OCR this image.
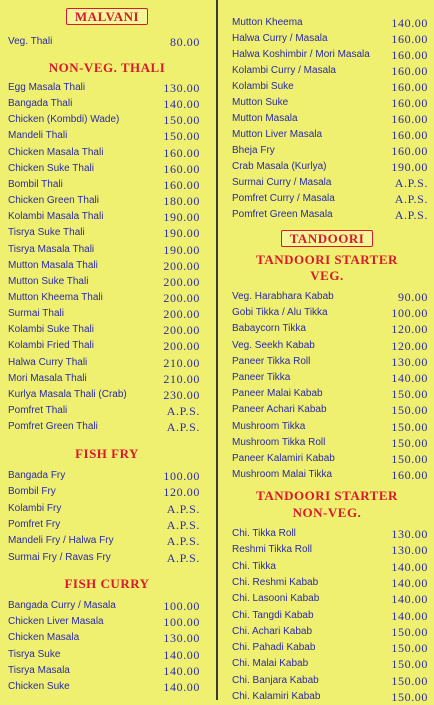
MALVANI
Veg. Thali	80.00
NON-VEG. THALI
Egg Masala Thali	130.00
Bangada Thali	140.00
Chicken (Kombdi) Wade)	150.00
Mandeli Thali	150.00
Chicken Masala Thali	160.00
Chicken Suke Thali	160.00
Bombil Thali	160.00
Chicken Green Thali	180.00
Kolambi Masala Thali	190.00
Tisrya Suke Thali	190.00
Tisrya Masala Thali	190.00
Mutton Masala Thali	200.00
Mutton Suke Thali	200.00
Mutton Kheema Thali	200.00
Surmai Thali	200.00
Kolambi Suke Thali	200.00
Kolambi Fried Thali	200.00
Halwa Curry Thali	210.00
Mori Masala Thali	210.00
Kurlya Masala Thali (Crab)	230.00
Pomfret Thali	A.P.S.
Pomfret Green Thali	A.P.S.
FISH FRY
Bangada Fry	100.00
Bombil Fry	120.00
Kolambi Fry	A.P.S.
Pomfret Fry	A.P.S.
Mandeli Fry / Halwa Fry	A.P.S.
Surmai Fry / Ravas Fry	A.P.S.
FISH CURRY
Bangada Curry / Masala	100.00
Chicken Liver Masala	100.00
Chicken Masala	130.00
Tisrya Suke	140.00
Tisrya Masala	140.00
Chicken Suke	140.00
Mutton Kheema	140.00
Halwa Curry / Masala	160.00
Halwa Koshimbir / Mori Masala 160.00
Kolambi Curry / Masala	160.00
Kolambi Suke	160.00
Mutton Suke	160.00
Mutton Masala	160.00
Mutton Liver Masala	160.00
Bheja Fry	160.00
Crab Masala (Kurlya)	190.00
Surmai Curry / Masala	A.P.S.
Pomfret Curry / Masala	A.P.S.
Pomfret Green Masala	A.P.S.
TANDOORI
TANDOORI STARTER
VEG.
Veg. Harabhara Kabab	90.00
Gobi Tikka / Alu Tikka	100.00
Babaycorn Tikka	120.00
Veg. Seekh Kabab	120.00
Paneer Tikka Roll	130.00
Paneer Tikka	140.00
Paneer Malai Kabab	150.00
Paneer Achari Kabab	150.00
Mushroom Tikka	150.00
Mushroom Tikka Roll	150.00
Paneer Kalamiri Kabab	150.00
Mushroom Malai Tikka	160.00
TANDOORI STARTER
NON-VEG.
Chi. Tikka Roll	130.00
Reshmi Tikka Roll	130.00
Chi. Tikka	140.00
Chi. Reshmi Kabab	140.00
Chi. Lasooni Kabab	140.00
Chi. Tangdi Kabab	140.00
Chi. Achari Kabab	150.00
Chi. Pahadi Kabab	150.00
Chi. Malai Kabab	150.00
Chi. Banjara Kabab	150.00
Chi. Kalamiri Kabab	150.00
